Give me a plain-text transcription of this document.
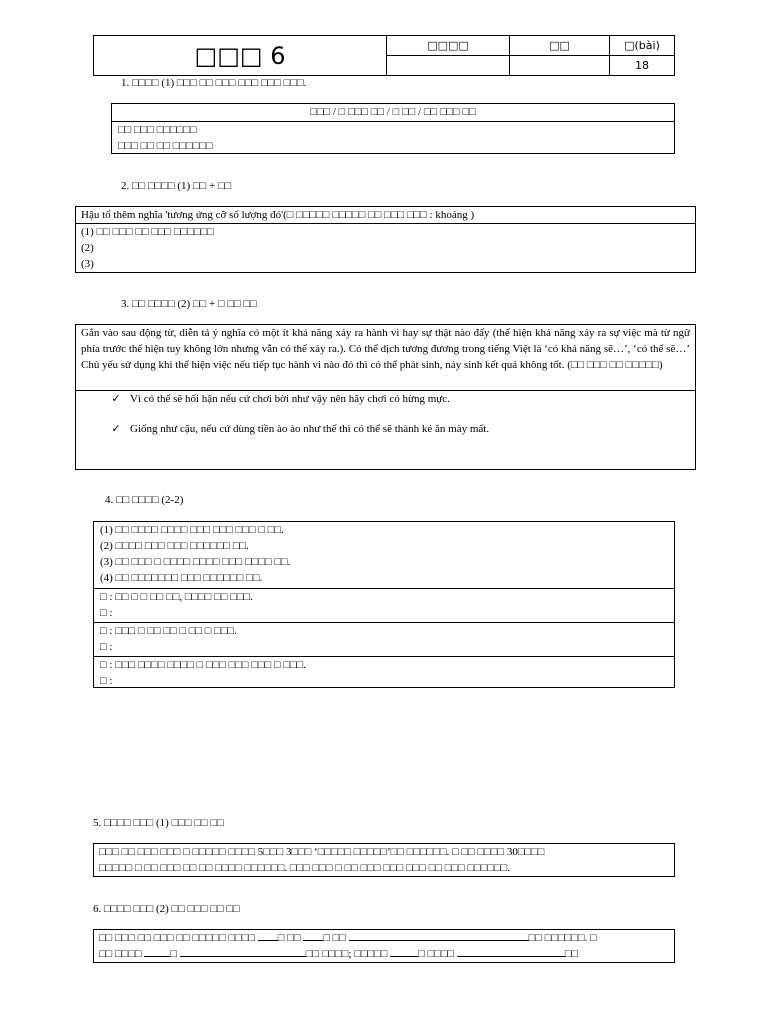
□□□ 6	□□□□	□□	□(bài)
			18
1. □□□□ (1) □□□ □□ □□□ □□□ □□□ □□□.
□□□ / □ □□□ □□ / □ □□ / □□ □□□ □□
□□ □□□ □□□□□□
□□□ □□ □□ □□□□□□
2. □□ □□□□ (1) □□ + □□
Hậu tố thêm nghĩa 'tương ứng cỡ số lượng đó'(□ □□□□□ □□□□□ □□ □□□ □□□ : khoảng )
(1) □□ □□□ □□ □□□ □□□□□□
(2)
(3)
3. □□ □□□□ (2) □□ + □ □□ □□
Gắn vào sau động từ, diễn tả ý nghĩa có một ít khả năng xảy ra hành vi hay sự thật nào đấy (thể hiện khả năng xảy ra sự việc mà từ ngữ phía trước thể hiện tuy không lớn nhưng vẫn có thể xảy ra.). Có thể dịch tương đương trong tiếng Việt là ‘có khả năng sẽ…’, ‘có thể sẽ…’ Chủ yếu sử dụng khi thể hiện việc nếu tiếp tục hành vi nào đó thì có thể phát sinh, nảy sinh kết quả không tốt. (□□ □□□ □□ □□□□□)
✓ Vì có thể sẽ hối hận nếu cứ chơi bời như vậy nên hãy chơi có hừng mực.
✓ Giống như cậu, nếu cứ dùng tiền ào ào như thế thì có thể sẽ thành kẻ ăn mày mất.
4. □□ □□□□ (2-2)
(1) □□ □□□□ □□□□ □□□ □□□ □□□ □ □□.
(2) □□□□ □□□ □□□ □□□□□□ □□.
(3) □□ □□□ □ □□□□ □□□□ □□□ □□□□ □□.
(4) □□ □□□□□□□ □□□ □□□□□□ □□.
□ : □□ □ □ □□ □□, □□□□ □□ □□□.
□ :
□ : □□□ □ □□ □□ □ □□ □ □□□.
□ :
□ : □□□ □□□□ □□□□ □ □□□ □□□ □□□ □ □□□.
□ :
5. □□□□ □□□ (1) □□□ □□ □□
□□□ □□ □□□ □□□ □ □□□□□ □□□□ 5□□□ 3□□□ ‘□□□□□ □□□□□’□□ □□□□□□. □ □□ □□□□ 30□□□□
□□□□□ □ □□ □□□ □□ □□ □□□□ □□□□□□. □□□ □□□ □ □□ □□□ □□□ □□□ □□ □□□ □□□□□□.
6. □□□□ □□□ (2) □□ □□□ □□ □□
□□ □□□ □□ □□□ □□ □□□□□ □□□□ □ □□ □ □□	□□ □□□□□□. □
□□ □□□□ □	□□ □□□□; □□□□□	□ □□□□	□□
